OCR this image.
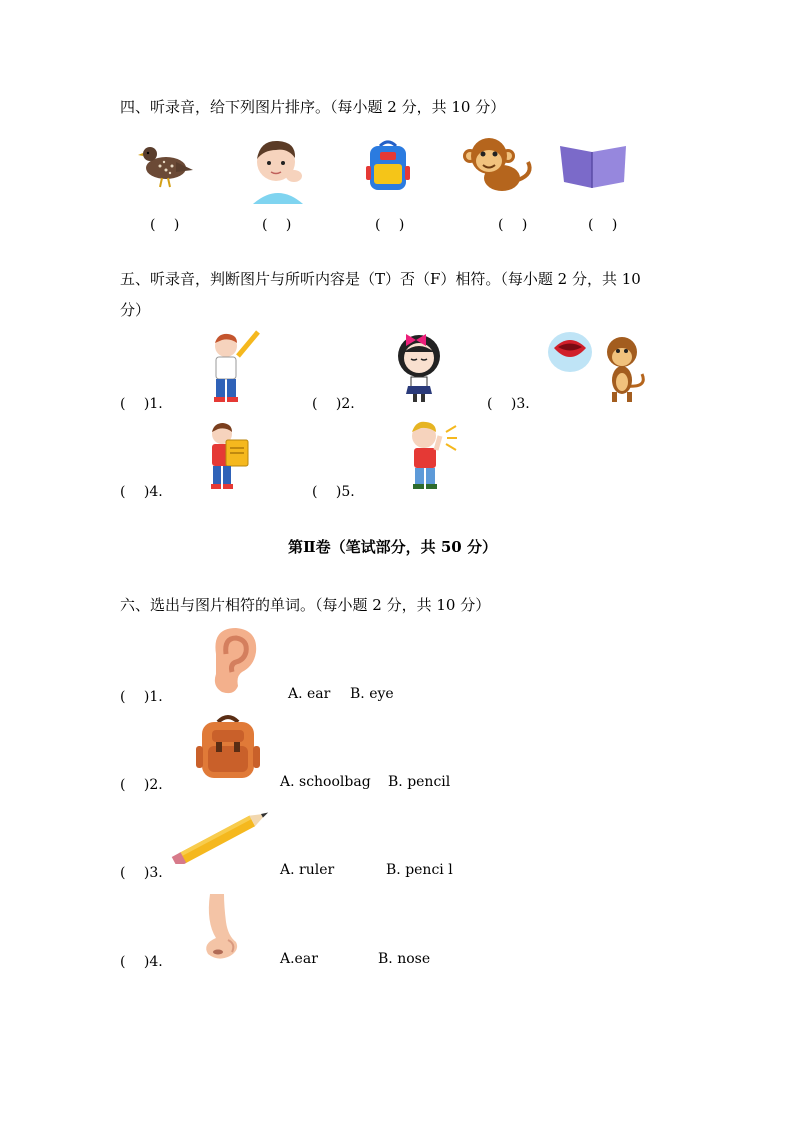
四、听录音，给下列图片排序。（每小题 2 分，共 10 分）
(　 )	(　 )	(　 )	(　 )	(　 )
五、听录音，判断图片与所听内容是（T）否（F）相符。（每小题 2 分，共 10
分）
(　 )1.	(　 )2.	(　 )3.
(　 )4.	(　 )5.
第Ⅱ卷（笔试部分，共 50 分）
六、选出与图片相符的单词。（每小题 2 分，共 10 分）
(　 )1.	A. ear B. eye
(　 )2.	A. schoolbag B. pencil
(　 )3.	A. ruler	B. penci l
(　 )4.	A.ear	B. nose
